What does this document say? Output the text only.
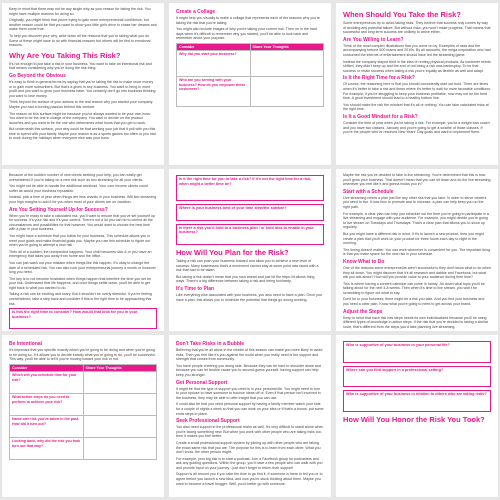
Keep in mind that there may not be any single why as your reason for taking the risk. You might have multiple reasons for doing so.

Originally, you might think that you're trying to gain more entrepreneurial confidence, but another reason could be that you want to show your little girl's drive to chase her dreams and make them come true.

To help you discover your why, write down all the reasons that you're taking what you do. Some of these might have to do with financial reasons but others will be tied to emotional reasons.

Why Are You Taking This Risk?

It's not enough to just take a risk in your business. You want to take an intentional risk and that means considering why you're doing the risk thing.

Go Beyond the Obvious

It's easy to think in general terms by saying that you're taking the risk to make more money or to gain more subscribers. But that's a given in any business. You want to bring in more profit and you want to grow your business base. You certainly don't go into business thinking you want to lose money.

Think beyond the surface of your actions to the real reason why you started your company. Maybe you had a burning passion behind this venture.

The reason on this surface might be because you've always wanted to be your own boss. You want to be the one in charge of the company. You want to decide on the product launches and you want to be the one who determines what hours that you get to work.

But underneath this surface, your why could be that working your job that it pull with you this time to spend with your family. Maybe your reason is as a sports games too often or you had to work during the holidays when everyone else was your boss.

Create a Collage

It might help you visually to make a collage that represents each of the reasons why you're taking the risk that you're taking.

You might also include images of why you're taking your current risk. Then on in the hard days when it's difficult to remember why you started, you'll be able to look back and remember about your purpose.

Consider	Share Your Thoughts
Why did you start your business?	
Who are you serving with your business? How do you empower these customers?	
When Should You Take the Risk?

Some entrepreneurs try to avoid taking risks. They believe that success only comes by way of avoiding any potential failure. But without risks, you won't make progress. That means that successful and long term success are unlikely to arrive either.

Are You Willing to Learn?

Think of the most complex illustrations that you come on by. Examples of risks and the accompanying fortune 500 teams and 2010s. By all accounts, the mega corporation who had consumed the internet of entertainment should have led the streaming game.

Instead the company stayed tried in the idea of renting physical products. As customer needs shifted, they didn't keep up and the end of not being a risk was bankruptcy. To be that success or retain success when taking a risk you're equally as flexible as well and adapt.

Is It the Right Time for a Risk?

Of course, the reasoning here is that you should consistently start out bold. There are times when it's better to take a risk and times where it's better to wait for more favorable conditions. For example, if you're struggling to keep your business profitable, now may not be the best time. A good investment should lead to a healthy bottom line.

You should make the risk the mindset that it's all or nothing. You can take calculated risks at the right time.

Is It a Good Mindset for a Risk?

Consider the time of year when you're taking a risk. For example, you're a weight loss coach and you have two classes. January and you're going to get a swathe of those classes. If you're the people who've resolved New Years' Day goals and want to implement them.

Because of the sudden number of new clients seeking your help, you can easily get overwhelmed if you're taking on a new risk such as two streaming for all your clients.

You might not be able to handle the additional workload. Your core income clients could suffer as would your business reputation.

Instead, pick a time of year when things are less chaotic in your business. Will two streaming your high margins to add it for you when most of your clients are on vacation.

Are You Setting Yourself Up for Success?

When you're ready to take a calculated risk, you'll want to ensure that you've set yourself up for success. It's your risk and it's your control. There's not a lot you can do to control all the circumstances and possibilities for that however. You would want to choose the best time with a plan in your business.

You might have a schedule that you follow for your business. This schedule allows you to meet your goals and make financial goals you. Maybe you use this schedule to figure out when you're going to attempt a new risk.

Then all of a sudden, the unexpected happens. Your child becomes sick & or you have an emergency that takes you away from home and the office.

You can just wash out your mistake when things like this happen. It's okay to change the date of a scheduled risk. You can also rock your entrepreneurial journey a month or however long you need.

The key is to not become frustrated when things happen that interfere the time you set for your risk. Understand that life happens, and once things settle down, you'll be able to get right back to what you wanted to do.

Taking a risk can be exciting and scary. But it shouldn't be overly stressful. If you're feeling overwhelmed, take a step back and consider if this is the right time to be approaching this risk.

Is this the right time to consider? How would that look for you in your business?
Is it the right time for you to take a risk? If it's not the right time for a risk, when might a better time be?
Where is your business best of your time stew/the sidebar?
Is there a risk you'd hold to a business plan / or hold idea to enable in your business?
How Will You Plan for the Risk?

Taking a risk can push your business forward and allow you to achieve a new level of success. Many businesses that's a movement cannot stay at some point was faced with a risk that had to be taken.

But taking a risk doesn't mean that you rush ahead and just hit the https://it.allows thing ways. There's a big difference between taking a risk and being foolhardy.

It's Time to Plan

Like everything else associated with your business, you also need to have a plan. Once you have a plan, this allows you to minimize the potential that things go wrong working.

Maybe the risk you've decided to take is live streaming. You're determined that this is how you'll grow your business. That doesn't mean that you can sit down and do the live streaming whenever you feel like it and gonna hooks you in?

Start with a Schedule

Live streaming needs a plan just like any other risk that you take. In order to serve viewers you need to live. Know how to promote and to increase, a plan can help keep you on the right path.

For example, a clear plan can help you schedule out the time you're going to participate in a live streaming and engage with your audience. For example, you might decide you're going to live stream on Tuesdays and Thursdays. That's a clear plan that allows you to show up regularly.

But you might have a different risk in mind. If it's to launch a new product, then you might create a plan that you'll work on your product for three hours each day to night in the morning.

The timing doesn't matter. You can work whenever is convenient for you. The important thing is that you make space for the new risk in your schedule.

Know What to Do

One of the reasons some entrepreneurs aren't successful is they don't know what to do when they sit down. You might discover that it's all research and dabble and Facebook, but what will you talk about? How will you provide value to your audience during their time?

This is where having a content calendar can come in handy. Jot down what topic you'll be talking about for the next 4-8 weeks. Then when it's time to live stream, you won't be scrambling to figure out what to say.

Don't be in your business, there might be a risk you take. And you find your business and you need a clear plan. Know what you're going to need to get across your brand.

Adjust the Steps

Keep in mind that each risk has steps needs its own individualized because you'll be using different types of knowledge in action steps. If the risk that you're decided is taking a similar route, that's different from the steps you'd take planning live streaming.

Be Intentional

It's important that you specific exactly which you're going to be doing and when you're going to be doing so. If it allows you to decide exactly what you're going to do, you'll be successful. This way, you'll be able to tell if you're moving toward your risk or not.

Consider	Share Your Thoughts
Which will you schedule time for your risk?	
What action steps do you need to perform to achieve your risk?	
Name one risk you've taken in the past. How did it turn out?	
Looking back, why did the risk you took turn out that way?	
Don't Take Risks in a Bubble

Believing that you're all alone in the middle of this season can make you more likely to avoid risks. Then you feel like it's you against the world when you really need is the support and strength that comes from community.

You have people cheering you along side. Because they can be hard to shoulder alone and because you can let trouble cause you to second-guess yourself. having support can help keep you stronger.

Get Personal Support

It might be that the type of support you need is in your personal life. You might need to turn to your spouse to have someone to bounce ideas off of. Even if that person isn't involved in the business, they may be able to offer insight that you can use.

It could also be that you need personal support by having a family member watch your kids for a couple of nights a week so that you can work on your idea or if that's a bonus. put some extra steps in place.

Seek Professional Support

You also need support in the professional realm as well. It's very difficult to stand alone when you're facing something new. But when you work with other people who are taking risks too, then it makes you feel better.

Create a small professional support system by joining up with other people who are taking the exact same risk that you are. The purpose for this is to learn from each other. What you don't know, the other person might.

For example, your big risk is to start a podcast. Join a Facebook group for podcasters and ask any guiding questions. Within the group, you'll have a few people who can walk with you and provide input on your journey - just don't forget to return their support!

Support is all around you if you take the time to go find it. If someone is there to tell you or to agree before you launch a new idea, and now you're stuck thinking about them. Maybe you want to become a travel blogger. Well, you'd better go with someone.

Who is supportive of your business in your personal life?
Where can you find support in a professional setting?
Who is supportive of your business in relation to others who are taking risks?
How Will You Honor the Risk You Took?
